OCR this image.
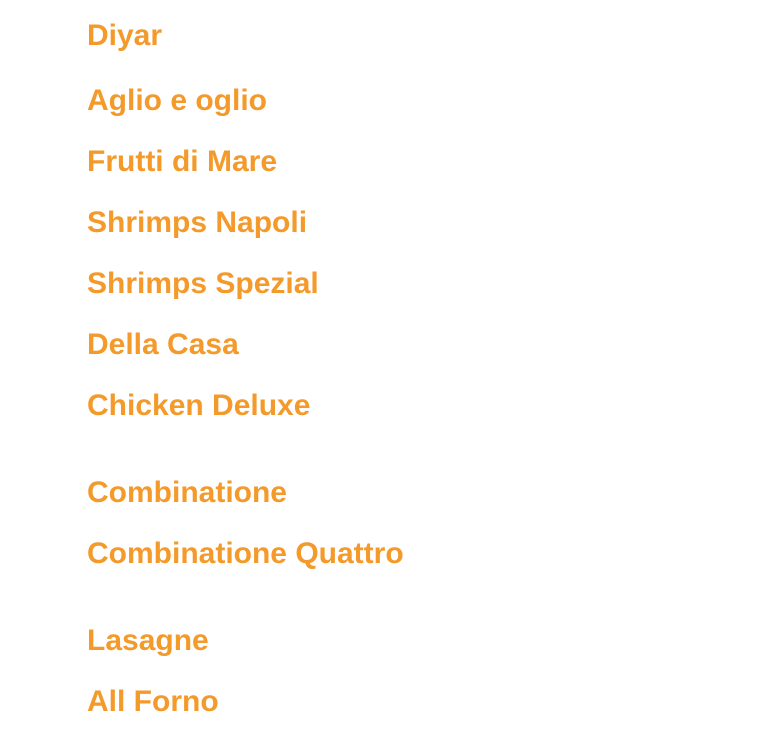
Diyar
Aglio e oglio
Frutti di Mare
Shrimps Napoli
Shrimps Spezial
Della Casa
Chicken Deluxe
Combinatione
Combinatione Quattro
Lasagne
All Forno
